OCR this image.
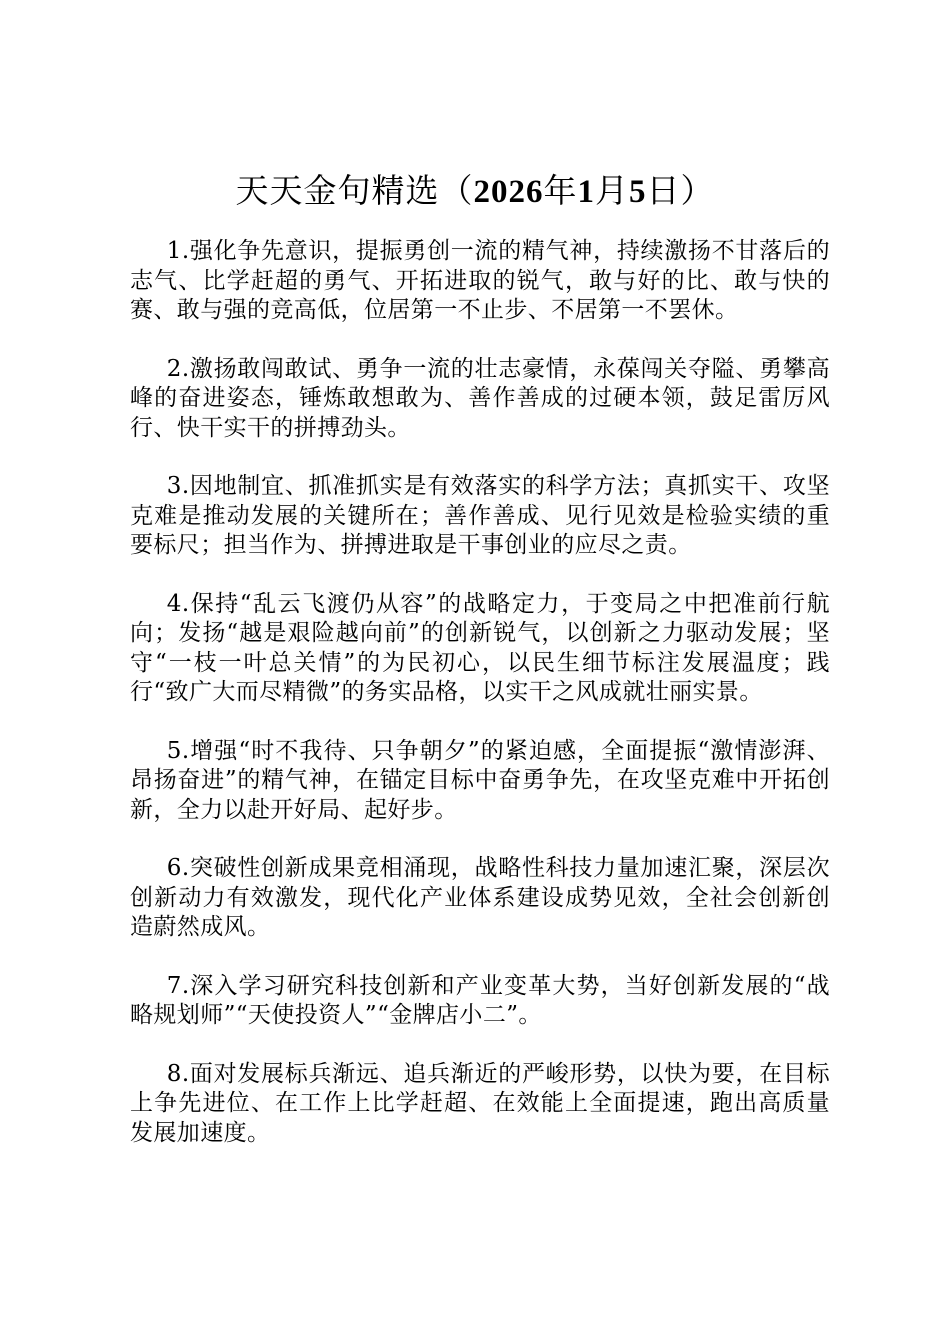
天天金句精选（2026年1月5日）

1.强化争先意识，提振勇创一流的精气神，持续激扬不甘落后的志气、比学赶超的勇气、开拓进取的锐气，敢与好的比、敢与快的赛、敢与强的竞高低，位居第一不止步、不居第一不罢休。

2.激扬敢闯敢试、勇争一流的壮志豪情，永葆闯关夺隘、勇攀高峰的奋进姿态，锤炼敢想敢为、善作善成的过硬本领，鼓足雷厉风行、快干实干的拼搏劲头。

3.因地制宜、抓准抓实是有效落实的科学方法；真抓实干、攻坚克难是推动发展的关键所在；善作善成、见行见效是检验实绩的重要标尺；担当作为、拼搏进取是干事创业的应尽之责。

4.保持“乱云飞渡仍从容”的战略定力，于变局之中把准前行航向；发扬“越是艰险越向前”的创新锐气，以创新之力驱动发展；坚守“一枝一叶总关情”的为民初心，以民生细节标注发展温度；践行“致广大而尽精微”的务实品格，以实干之风成就壮丽实景。

5.增强“时不我待、只争朝夕”的紧迫感，全面提振“激情澎湃、昂扬奋进”的精气神，在锚定目标中奋勇争先，在攻坚克难中开拓创新，全力以赴开好局、起好步。

6.突破性创新成果竞相涌现，战略性科技力量加速汇聚，深层次创新动力有效激发，现代化产业体系建设成势见效，全社会创新创造蔚然成风。

7.深入学习研究科技创新和产业变革大势，当好创新发展的“战略规划师”“天使投资人”“金牌店小二”。

8.面对发展标兵渐远、追兵渐近的严峻形势，以快为要，在目标上争先进位、在工作上比学赶超、在效能上全面提速，跑出高质量发展加速度。
